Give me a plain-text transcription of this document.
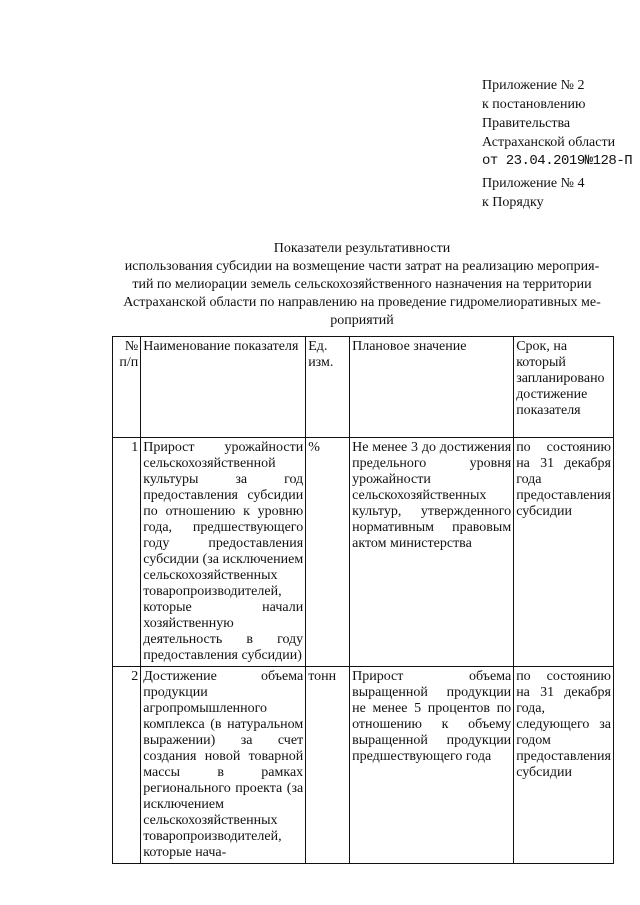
Приложение № 2
к постановлению
Правительства
Астраханской области
от 23.04.2019№128-П
Приложение № 4
к Порядку
Показатели результативности
использования субсидии на возмещение части затрат на реализацию мероприя-
тий по мелиорации земель сельскохозяйственного назначения на территории
Астраханской области по направлению на проведение гидромелиоративных ме-
роприятий
№ п/п	Наименование показателя	Ед. изм.	Плановое значение	Срок, на который запланировано достижение показателя
1	Прирост урожайности сельскохозяйственной культуры за год предоставления субсидии по отношению к уровню года, предшествующего году предоставления субсидии (за исключением сельскохозяйственных товаропроизводителей, которые начали хозяйственную деятельность в году предоставления субсидии)	%	Не менее 3 до достижения предельного уровня урожайности сельскохозяйственных культур, утвержденного нормативным правовым актом министерства	по состоянию на 31 декабря года предоставления субсидии
2	Достижение объема продукции агропромышленного комплекса (в натуральном выражении) за счет создания новой товарной массы в рамках регионального проекта (за исключением сельскохозяйственных товаропроизводителей, которые нача-	тонн	Прирост объема выращенной продукции не менее 5 процентов по отношению к объему выращенной продукции предшествующего года	по состоянию на 31 декабря года, следующего за годом предоставления субсидии
